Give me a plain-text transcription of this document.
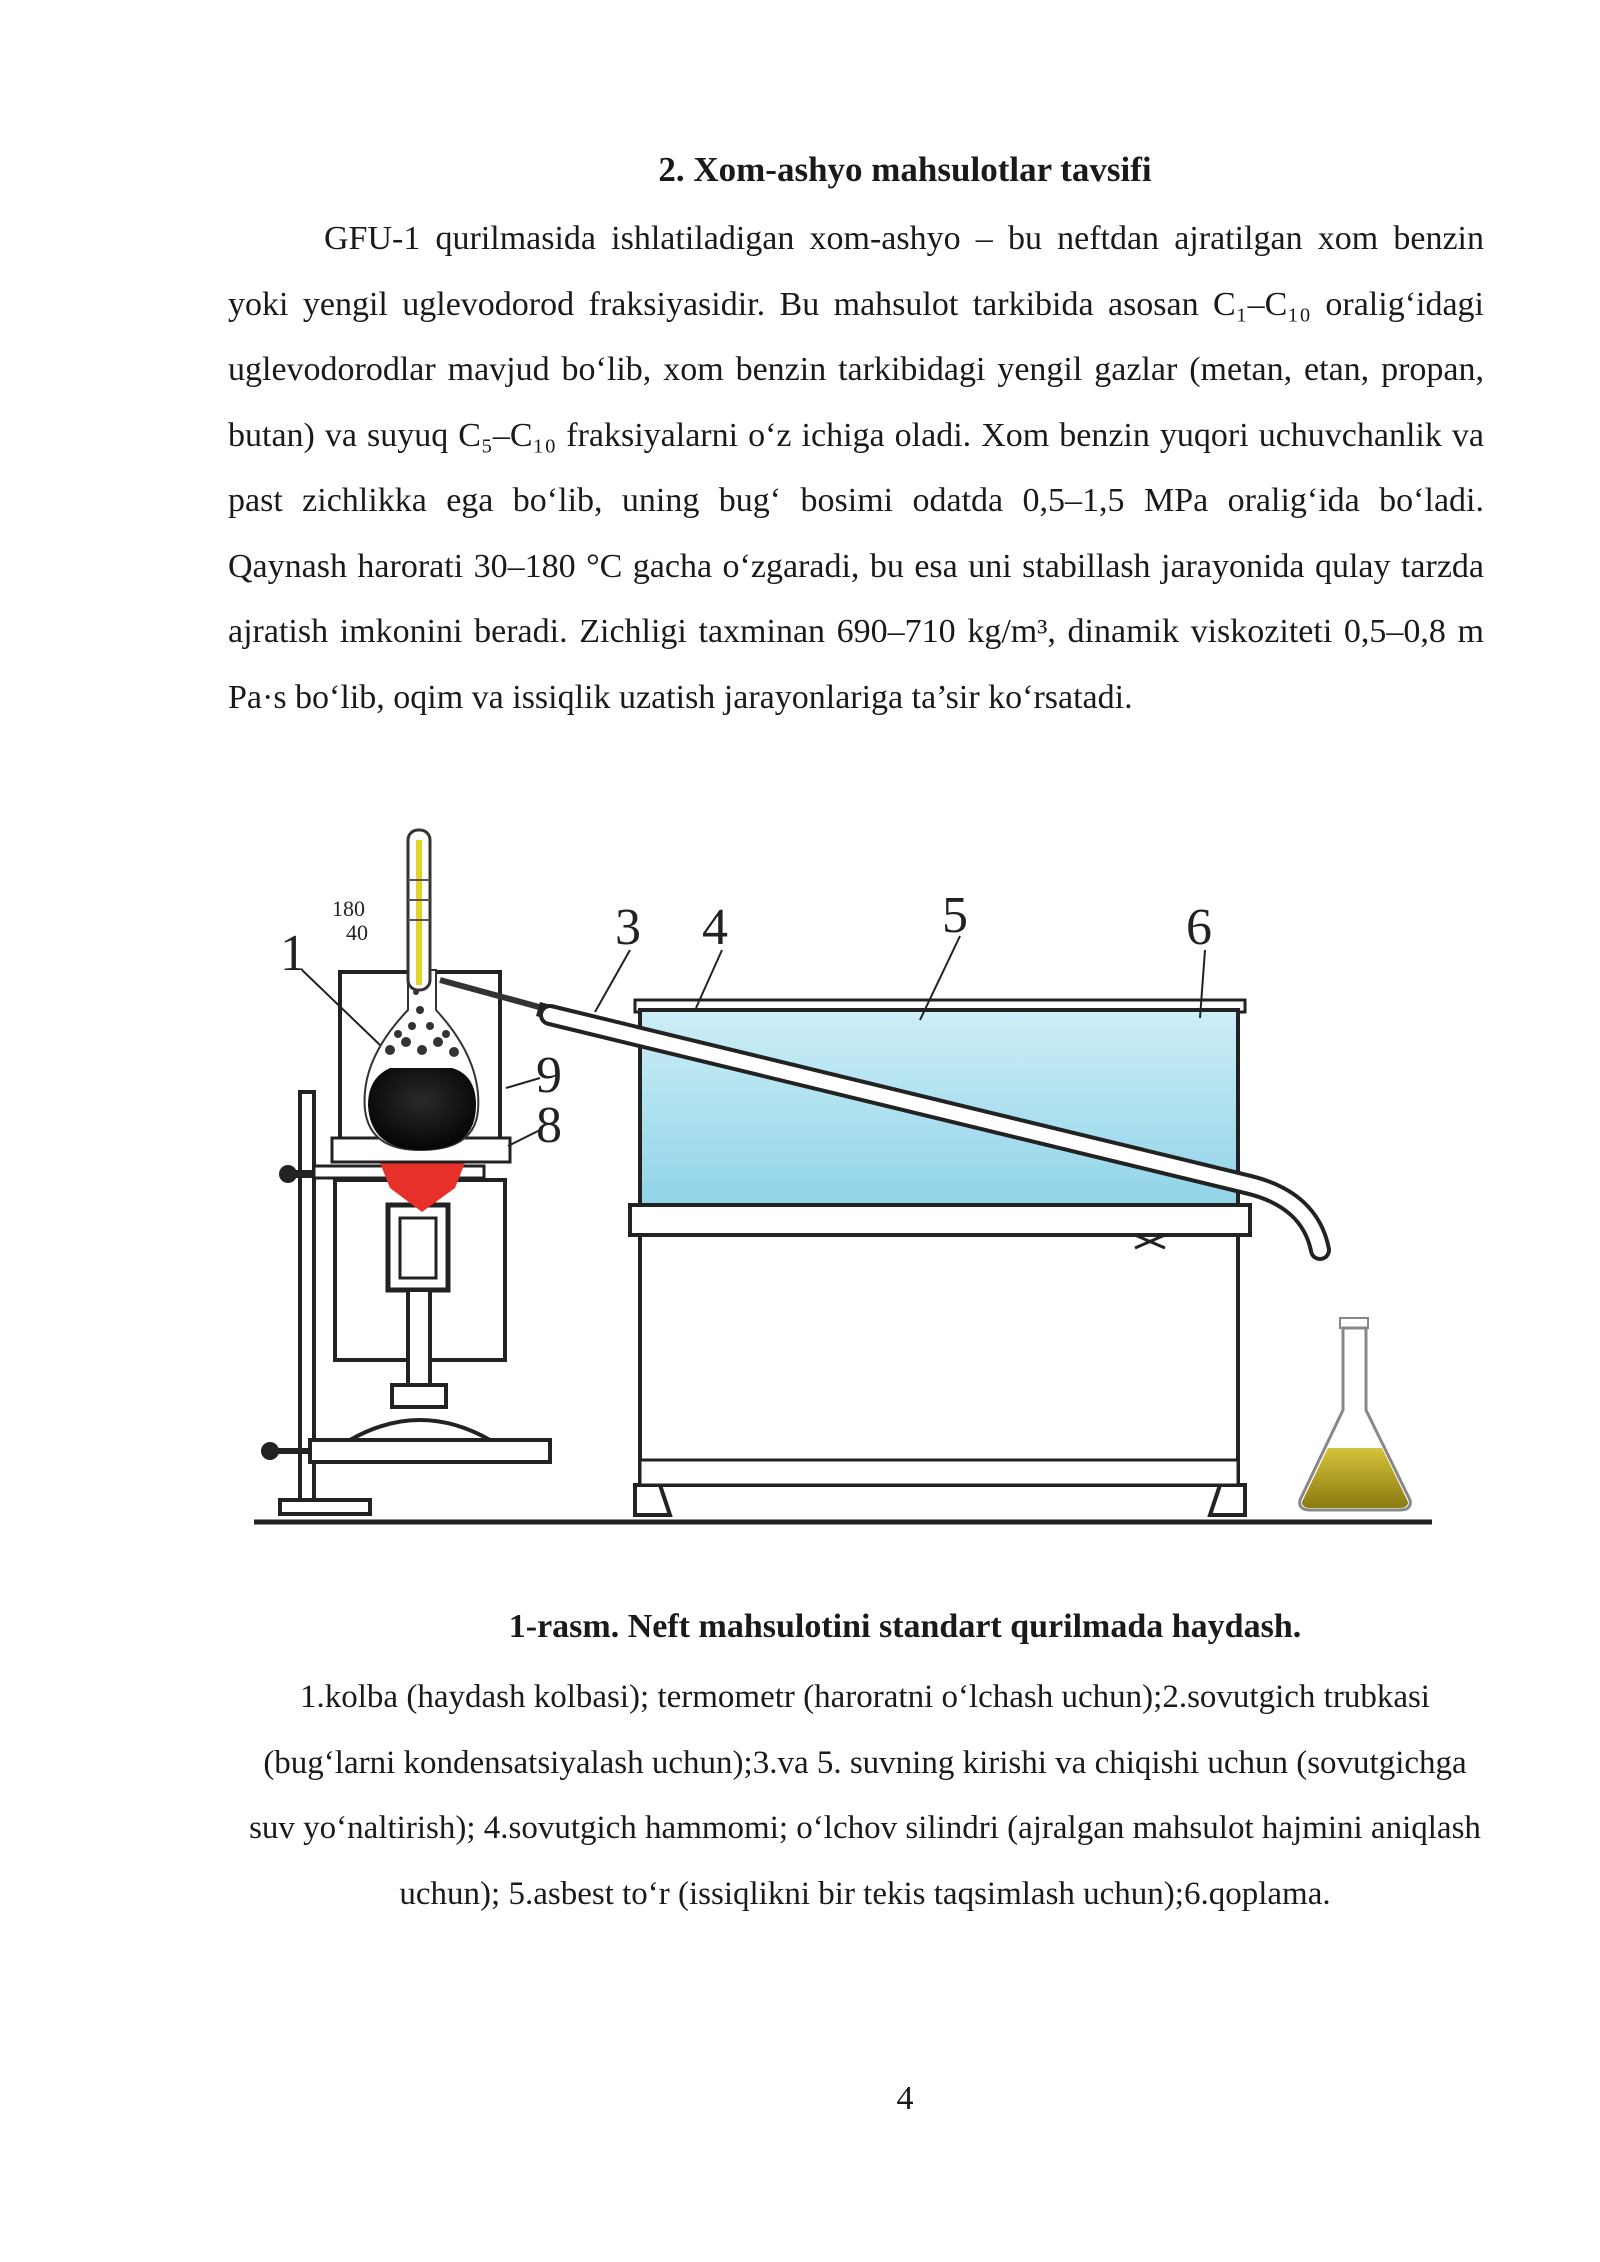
2. Xom-ashyo mahsulotlar tavsifi

GFU-1 qurilmasida ishlatiladigan xom-ashyo – bu neftdan ajratilgan xom benzin yoki yengil uglevodorod fraksiyasidir. Bu mahsulot tarkibida asosan C₁–C₁₀ oralig‘idagi uglevodorodlar mavjud bo‘lib, xom benzin tarkibidagi yengil gazlar (metan, etan, propan, butan) va suyuq C₅–C₁₀ fraksiyalarni o‘z ichiga oladi. Xom benzin yuqori uchuvchanlik va past zichlikka ega bo‘lib, uning bug‘ bosimi odatda 0,5–1,5 MPa oralig‘ida bo‘ladi. Qaynash harorati 30–180 °C gacha o‘zgaradi, bu esa uni stabillash jarayonida qulay tarzda ajratish imkonini beradi. Zichligi taxminan 690–710 kg/m³, dinamik viskoziteti 0,5–0,8 m Pa·s bo‘lib, oqim va issiqlik uzatish jarayonlariga ta’sir ko‘rsatadi.

180
40
1	3 4	5	6
9
8
1-rasm. Neft mahsulotini standart qurilmada haydash.
1.kolba (haydash kolbasi); termometr (haroratni o‘lchash uchun);2.sovutgich trubkasi (bug‘larni kondensatsiyalash uchun);3.va 5. suvning kirishi va chiqishi uchun (sovutgichga suv yo‘naltirish); 4.sovutgich hammomi; o‘lchov silindri (ajralgan mahsulot hajmini aniqlash uchun); 5.asbest to‘r (issiqlikni bir tekis taqsimlash uchun);6.qoplama.
4
